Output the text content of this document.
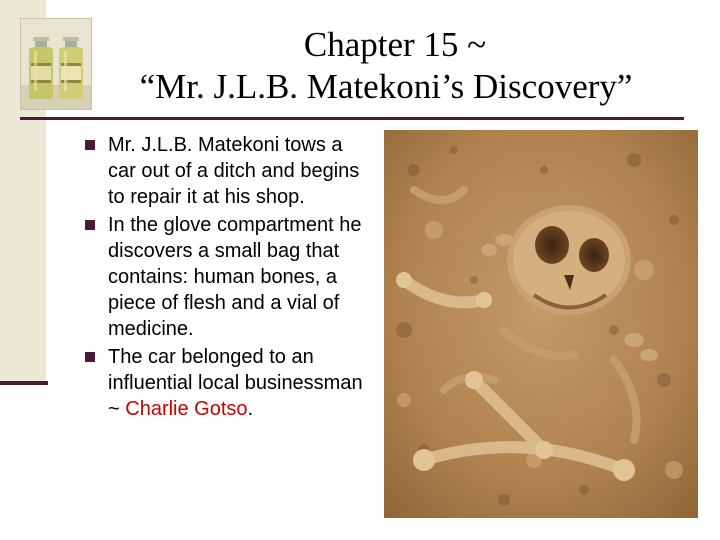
Chapter 15 ~
“Mr. J.L.B. Matekoni’s Discovery”
Mr. J.L.B. Matekoni tows a car out of a ditch and begins to repair it at his shop.
In the glove compartment he discovers a small bag that contains: human bones, a piece of flesh and a vial of medicine.
The car belonged to an influential local businessman ~ Charlie Gotso.
